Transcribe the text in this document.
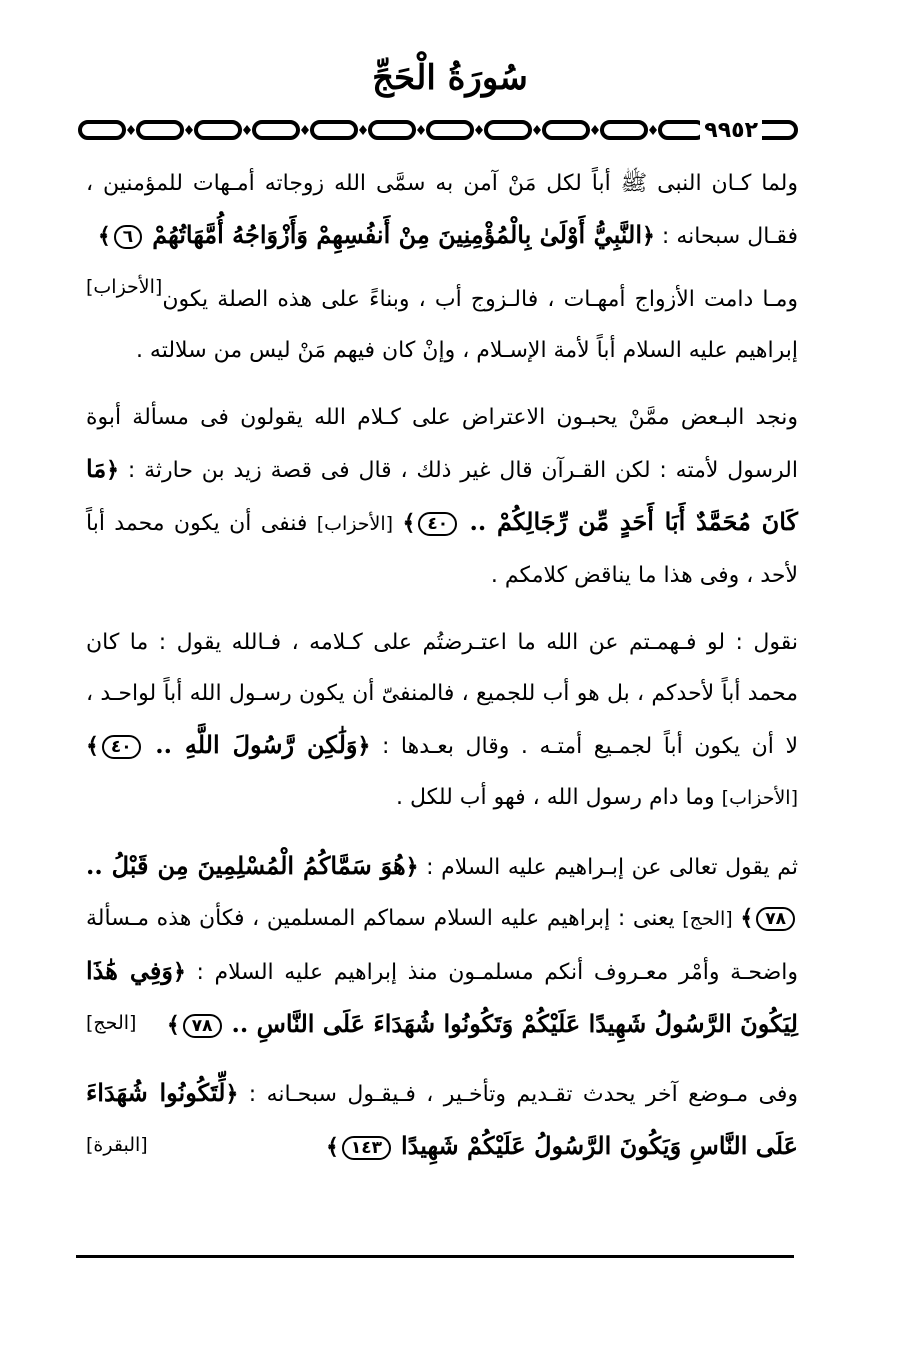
سُورَةُ الْحَجِّ
٩٩٥٢

ولما كـان النبى ﷺ أباً لكل مَنْ آمن به سمَّى الله زوجاته أمـهات للمؤمنين ، فقـال سبحانه : ﴿النَّبِيُّ أَوْلَىٰ بِالْمُؤْمِنِينَ مِنْ أَنفُسِهِمْ وَأَزْوَاجُهُ أُمَّهَاتُهُمْ ٦﴾
[الأحزاب] ومـا دامت الأزواج أمهـات ، فالـزوج أب ، وبناءً على هذه الصلة يكون إبراهيم عليه السلام أباً لأمة الإسـلام ، وإنْ كان فيهم مَنْ ليس من سلالته .

ونجد البـعض ممَّنْ يحبـون الاعتراض على كـلام الله يقولون فى مسألة أبوة الرسول لأمته : لكن القـرآن قال غير ذلك ، قال فى قصة زيد بن حارثة : ﴿مَا كَانَ مُحَمَّدٌ أَبَا أَحَدٍ مِّن رِّجَالِكُمْ .. ٤٠﴾ [الأحزاب] فنفى أن يكون محمد أباً لأحد ، وفى هذا ما يناقض كلامكم .

نقول : لو فـهمـتم عن الله ما اعتـرضتُم على كـلامه ، فـالله يقول : ما كان محمد أباً لأحدكم ، بل هو أب للجميع ، فالمنفىّ أن يكون رسـول الله أباً لواحـد ، لا أن يكون أباً لجمـيع أمتـه . وقال بعـدها : ﴿وَلَٰكِن رَّسُولَ اللَّهِ .. ٤٠﴾ [الأحزاب] وما دام رسول الله ، فهو أب للكل .

ثم يقول تعالى عن إبـراهيم عليه السلام : ﴿هُوَ سَمَّاكُمُ الْمُسْلِمِينَ مِن قَبْلُ .. ٧٨﴾ [الحج] يعنى : إبراهيم عليه السلام سماكم المسلمين ، فكأن هذه مـسألة واضحـة وأمْر معـروف أنكم مسلمـون منذ إبراهيم عليه السلام : ﴿وَفِي هَٰذَا لِيَكُونَ الرَّسُولُ شَهِيدًا عَلَيْكُمْ وَتَكُونُوا شُهَدَاءَ عَلَى النَّاسِ .. ٧٨﴾
[الحج]

وفى مـوضع آخر يحدث تقـديم وتأخـير ، فـيقـول سبحـانه : ﴿لِّتَكُونُوا شُهَدَاءَ عَلَى النَّاسِ وَيَكُونَ الرَّسُولُ عَلَيْكُمْ شَهِيدًا ١٤٣﴾
[البقرة]
